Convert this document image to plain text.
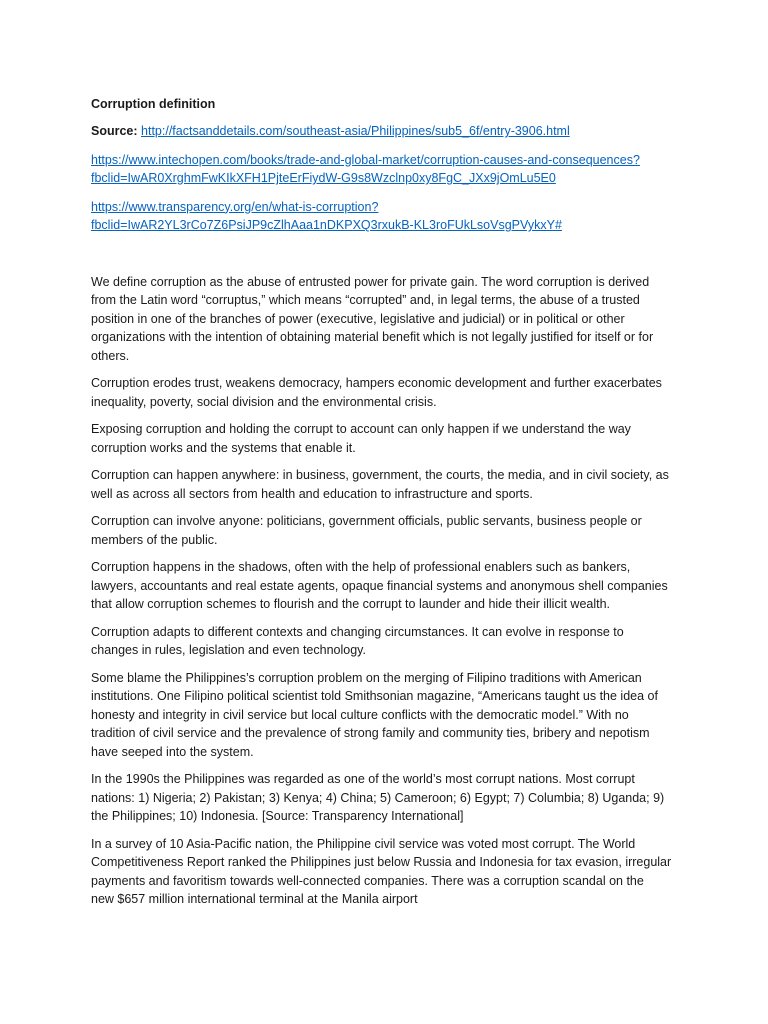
Corruption definition
Source: http://factsanddetails.com/southeast-asia/Philippines/sub5_6f/entry-3906.html
https://www.intechopen.com/books/trade-and-global-market/corruption-causes-and-consequences?
fbclid=IwAR0XrghmFwKIkXFH1PjteErFiydW-G9s8Wzclnp0xy8FgC_JXx9jOmLu5E0
https://www.transparency.org/en/what-is-corruption?
fbclid=IwAR2YL3rCo7Z6PsiJP9cZlhAaa1nDKPXQ3rxukB-KL3roFUkLsoVsgPVykxY#

We define corruption as the abuse of entrusted power for private gain. The word corruption is derived
from the Latin word “corruptus,” which means “corrupted” and, in legal terms, the abuse of a trusted
position in one of the branches of power (executive, legislative and judicial) or in political or other
organizations with the intention of obtaining material benefit which is not legally justified for itself or for
others.

Corruption erodes trust, weakens democracy, hampers economic development and further exacerbates
inequality, poverty, social division and the environmental crisis.

Exposing corruption and holding the corrupt to account can only happen if we understand the way
corruption works and the systems that enable it.

Corruption can happen anywhere: in business, government, the courts, the media, and in civil society, as
well as across all sectors from health and education to infrastructure and sports.

Corruption can involve anyone: politicians, government officials, public servants, business people or
members of the public.

Corruption happens in the shadows, often with the help of professional enablers such as bankers,
lawyers, accountants and real estate agents, opaque financial systems and anonymous shell companies
that allow corruption schemes to flourish and the corrupt to launder and hide their illicit wealth.

Corruption adapts to different contexts and changing circumstances. It can evolve in response to
changes in rules, legislation and even technology.

Some blame the Philippines’s corruption problem on the merging of Filipino traditions with American
institutions. One Filipino political scientist told Smithsonian magazine, “Americans taught us the idea of
honesty and integrity in civil service but local culture conflicts with the democratic model.” With no
tradition of civil service and the prevalence of strong family and community ties, bribery and nepotism
have seeped into the system.

In the 1990s the Philippines was regarded as one of the world’s most corrupt nations. Most corrupt
nations: 1) Nigeria; 2) Pakistan; 3) Kenya; 4) China; 5) Cameroon; 6) Egypt; 7) Columbia; 8) Uganda; 9)
the Philippines; 10) Indonesia. [Source: Transparency International]

In a survey of 10 Asia-Pacific nation, the Philippine civil service was voted most corrupt. The World
Competitiveness Report ranked the Philippines just below Russia and Indonesia for tax evasion, irregular
payments and favoritism towards well-connected companies. There was a corruption scandal on the
new $657 million international terminal at the Manila airport
